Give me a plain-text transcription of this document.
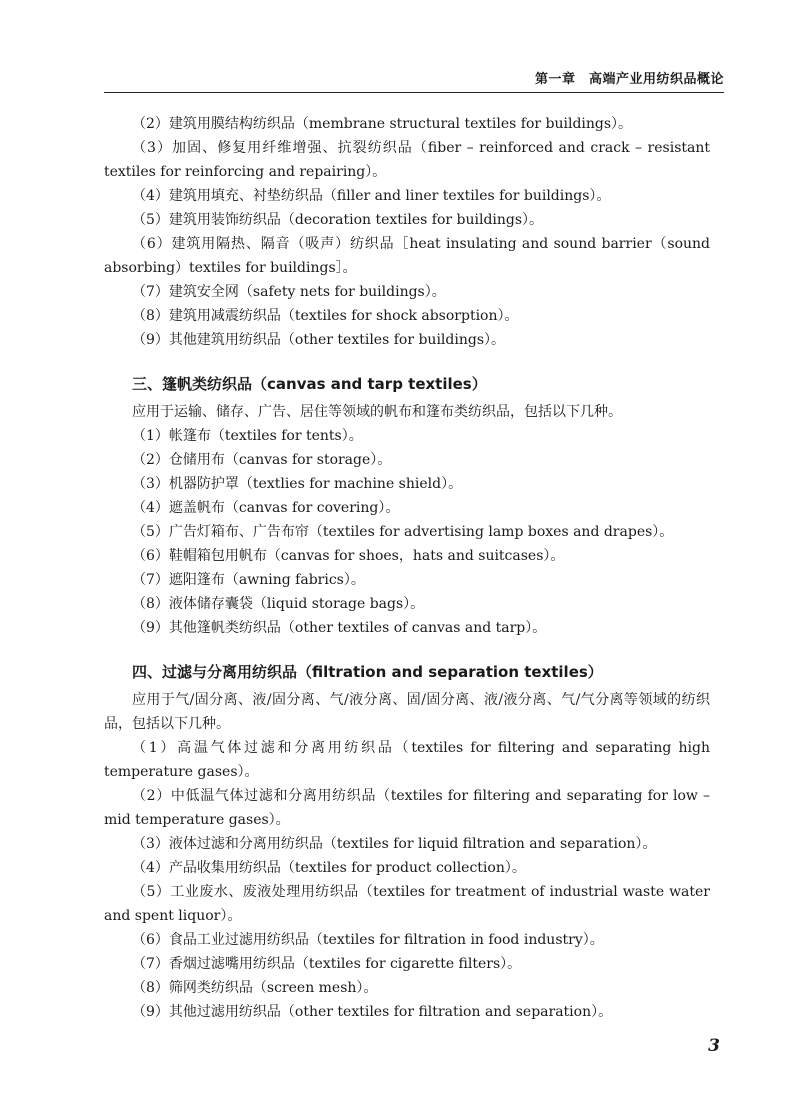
第一章　高端产业用纺织品概论

（2）建筑用膜结构纺织品（membrane structural textiles for buildings）。

（3）加固、修复用纤维增强、抗裂纺织品（fiber – reinforced and crack – resistant textiles for reinforcing and repairing）。

（4）建筑用填充、衬垫纺织品（filler and liner textiles for buildings）。

（5）建筑用装饰纺织品（decoration textiles for buildings）。

（6）建筑用隔热、隔音（吸声）纺织品［heat insulating and sound barrier（sound absorbing）textiles for buildings］。

（7）建筑安全网（safety nets for buildings）。

（8）建筑用减震纺织品（textiles for shock absorption）。

（9）其他建筑用纺织品（other textiles for buildings）。

三、篷帆类纺织品（canvas and tarp textiles）

应用于运输、储存、广告、居住等领域的帆布和篷布类纺织品，包括以下几种。

（1）帐篷布（textiles for tents）。

（2）仓储用布（canvas for storage）。

（3）机器防护罩（textlies for machine shield）。

（4）遮盖帆布（canvas for covering）。

（5）广告灯箱布、广告布帘（textiles for advertising lamp boxes and drapes）。

（6）鞋帽箱包用帆布（canvas for shoes，hats and suitcases）。

（7）遮阳篷布（awning fabrics）。

（8）液体储存囊袋（liquid storage bags）。

（9）其他篷帆类纺织品（other textiles of canvas and tarp）。

四、过滤与分离用纺织品（filtration and separation textiles）

应用于气/固分离、液/固分离、气/液分离、固/固分离、液/液分离、气/气分离等领域的纺织品，包括以下几种。

（1）高温气体过滤和分离用纺织品（textiles for filtering and separating high temperature gases）。

（2）中低温气体过滤和分离用纺织品（textiles for filtering and separating for low – mid temperature gases）。

（3）液体过滤和分离用纺织品（textiles for liquid filtration and separation）。

（4）产品收集用纺织品（textiles for product collection）。

（5）工业废水、废液处理用纺织品（textiles for treatment of industrial waste water and spent liquor）。

（6）食品工业过滤用纺织品（textiles for filtration in food industry）。

（7）香烟过滤嘴用纺织品（textiles for cigarette filters）。

（8）筛网类纺织品（screen mesh）。

（9）其他过滤用纺织品（other textiles for filtration and separation）。

3
